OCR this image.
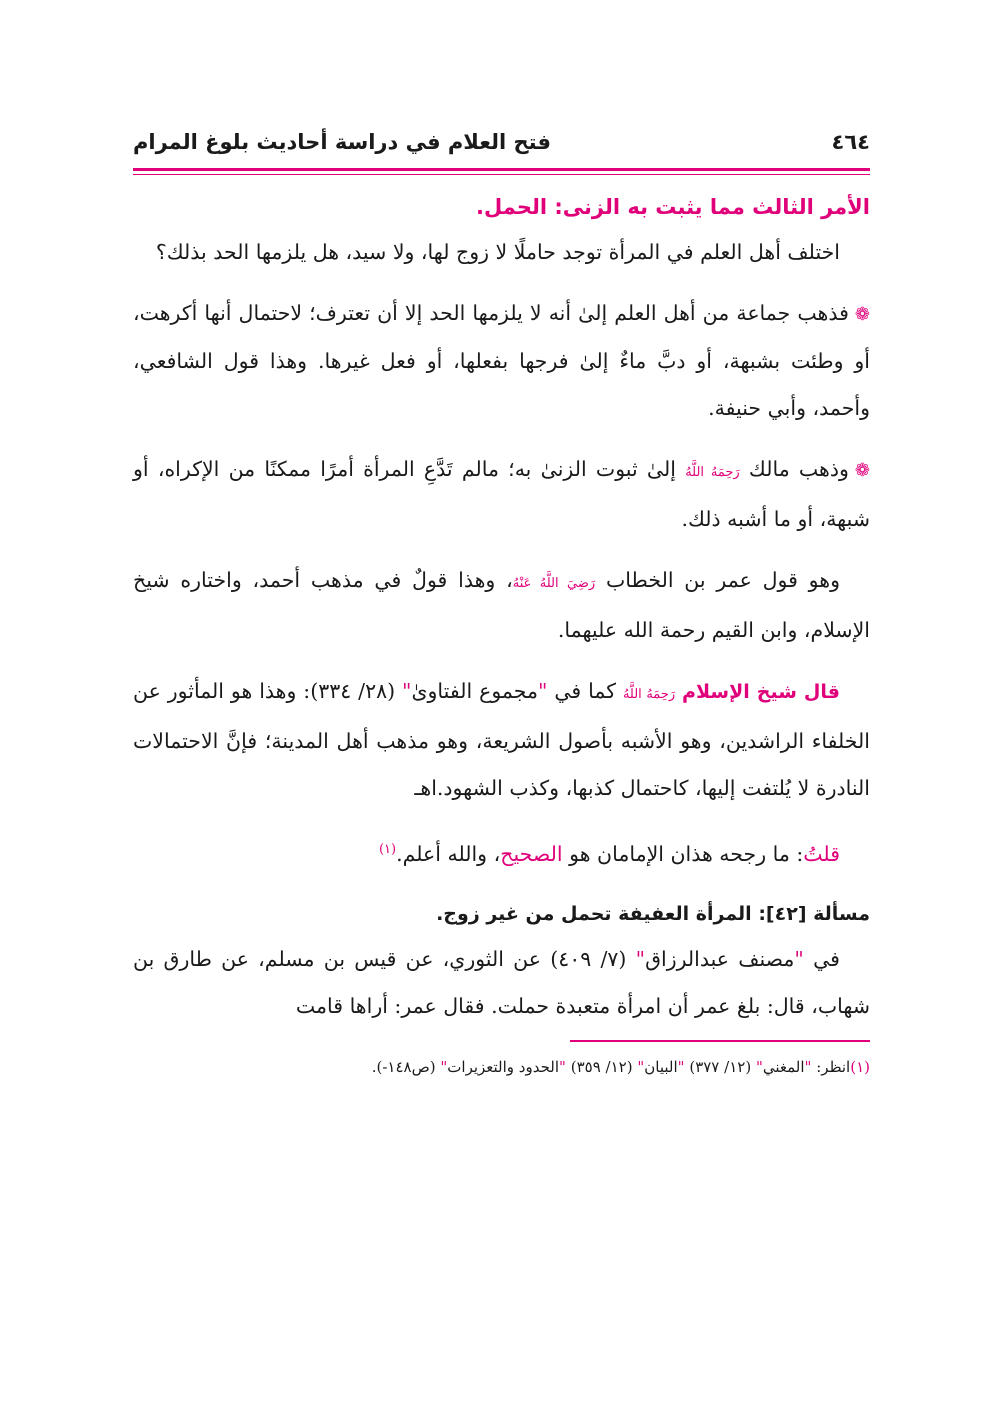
٤٦٤
فتح العلام في دراسة أحاديث بلوغ المرام
الأمر الثالث مما يثبت به الزنى: الحمل.

اختلف أهل العلم في المرأة توجد حاملًا لا زوج لها، ولا سيد، هل يلزمها الحد بذلك؟

❁فذهب جماعة من أهل العلم إلىٰ أنه لا يلزمها الحد إلا أن تعترف؛ لاحتمال أنها أكرهت، أو وطئت بشبهة، أو دبَّ ماءٌ إلىٰ فرجها بفعلها، أو فعل غيرها. وهذا قول الشافعي، وأحمد، وأبي حنيفة.

❁وذهب مالك رَحِمَهُ اللَّهُ إلىٰ ثبوت الزنىٰ به؛ مالم تَدَّعِ المرأة أمرًا ممكنًا من الإكراه، أو شبهة، أو ما أشبه ذلك.

وهو قول عمر بن الخطاب رَضِيَ اللَّهُ عَنْهُ، وهذا قولٌ في مذهب أحمد، واختاره شيخ الإسلام، وابن القيم رحمة الله عليهما.

قال شيخ الإسلام رَحِمَهُ اللَّهُ كما في "مجموع الفتاوىٰ" (٢٨/ ٣٣٤): وهذا هو المأثور عن الخلفاء الراشدين، وهو الأشبه بأصول الشريعة، وهو مذهب أهل المدينة؛ فإنَّ الاحتمالات النادرة لا يُلتفت إليها، كاحتمال كذبها، وكذب الشهود.اهـ

قلتُ: ما رجحه هذان الإمامان هو الصحيح، والله أعلم.$^{(١)}$

مسألة [٤٢]: المرأة العفيفة تحمل من غير زوج.

في "مصنف عبدالرزاق" (٧/ ٤٠٩) عن الثوري، عن قيس بن مسلم، عن طارق بن شهاب، قال: بلغ عمر أن امرأة متعبدة حملت. فقال عمر: أراها قامت

(١)انظر: "المغني" (١٢/ ٣٧٧) "البيان" (١٢/ ٣٥٩) "الحدود والتعزيرات" (ص١٤٨-).
